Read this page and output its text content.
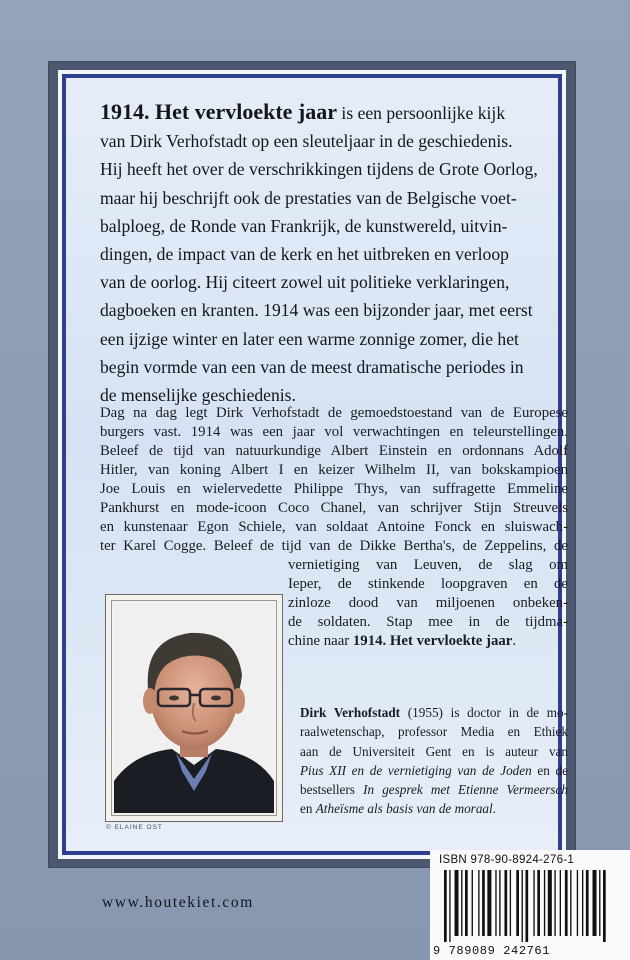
1914. Het vervloekte jaar is een persoonlijke kijk
van Dirk Verhofstadt op een sleuteljaar in de geschiedenis.
Hij heeft het over de verschrikkingen tijdens de Grote Oorlog,
maar hij beschrijft ook de prestaties van de Belgische voet-
balploeg, de Ronde van Frankrijk, de kunstwereld, uitvin-
dingen, de impact van de kerk en het uitbreken en verloop
van de oorlog. Hij citeert zowel uit politieke verklaringen,
dagboeken en kranten. 1914 was een bijzonder jaar, met eerst
een ijzige winter en later een warme zonnige zomer, die het
begin vormde van een van de meest dramatische periodes in
de menselijke geschiedenis.

Dag na dag legt Dirk Verhofstadt de gemoedstoestand van de Europese

burgers vast. 1914 was een jaar vol verwachtingen en teleurstellingen.

Beleef de tijd van natuurkundige Albert Einstein en ordonnans Adolf

Hitler, van koning Albert I en keizer Wilhelm II, van bokskampioen

Joe Louis en wielervedette Philippe Thys, van suffragette Emmeline

Pankhurst en mode-icoon Coco Chanel, van schrijver Stijn Streuvels

en kunstenaar Egon Schiele, van soldaat Antoine Fonck en sluiswach-

ter Karel Cogge. Beleef de tijd van de Dikke Bertha's, de Zeppelins, de

vernietiging van Leuven, de slag om

Ieper, de stinkende loopgraven en de

zinloze dood van miljoenen onbeken-

de soldaten. Stap mee in de tijdma-

chine naar 1914. Het vervloekte jaar.

© ELAINE OST

Dirk Verhofstadt (1955) is doctor in de mo-
raalwetenschap, professor Media en Ethiek
aan de Universiteit Gent en is auteur van
Pius XII en de vernietiging van de Joden en de
bestsellers In gesprek met Etienne Vermeersch
en Atheïsme als basis van de moraal.

www.houtekiet.com
ISBN 978-90-8924-276-1
9 789089 242761
